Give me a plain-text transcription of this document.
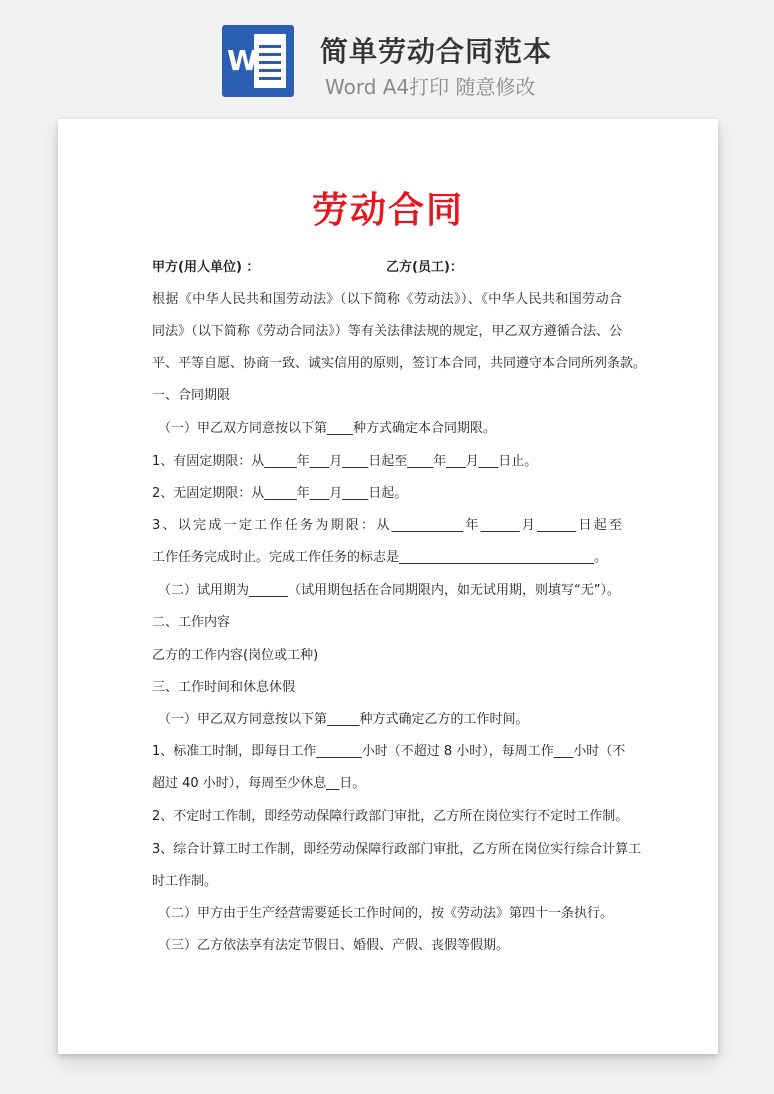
W 简单劳动合同范本
Word A4打印 随意修改
劳动合同
甲方(用人单位) ：	乙方(员工)：
根据《中华人民共和国劳动法》（以下简称《劳动法》）、《中华人民共和国劳动合
同法》（以下简称《劳动合同法》）等有关法律法规的规定，甲乙双方遵循合法、公
平、平等自愿、协商一致、诚实信用的原则，签订本合同，共同遵守本合同所列条款。
一、合同期限
（一）甲乙双方同意按以下第____种方式确定本合同期限。
1、有固定期限：从_____年___月____日起至____年___月___日止。
2、无固定期限：从_____年___月____日起。
3、以完成一定工作任务为期限：从___________年______月______日起至
工作任务完成时止。完成工作任务的标志是______________________________。
（二）试用期为______（试用期包括在合同期限内，如无试用期，则填写“无”）。
二、工作内容
乙方的工作内容(岗位或工种)
三、工作时间和休息休假
（一）甲乙双方同意按以下第_____种方式确定乙方的工作时间。
1、标准工时制，即每日工作_______小时（不超过 8 小时），每周工作___小时（不
超过 40 小时），每周至少休息__日。
2、不定时工作制，即经劳动保障行政部门审批，乙方所在岗位实行不定时工作制。
3、综合计算工时工作制，即经劳动保障行政部门审批，乙方所在岗位实行综合计算工
时工作制。
（二）甲方由于生产经营需要延长工作时间的，按《劳动法》第四十一条执行。
（三）乙方依法享有法定节假日、婚假、产假、丧假等假期。
